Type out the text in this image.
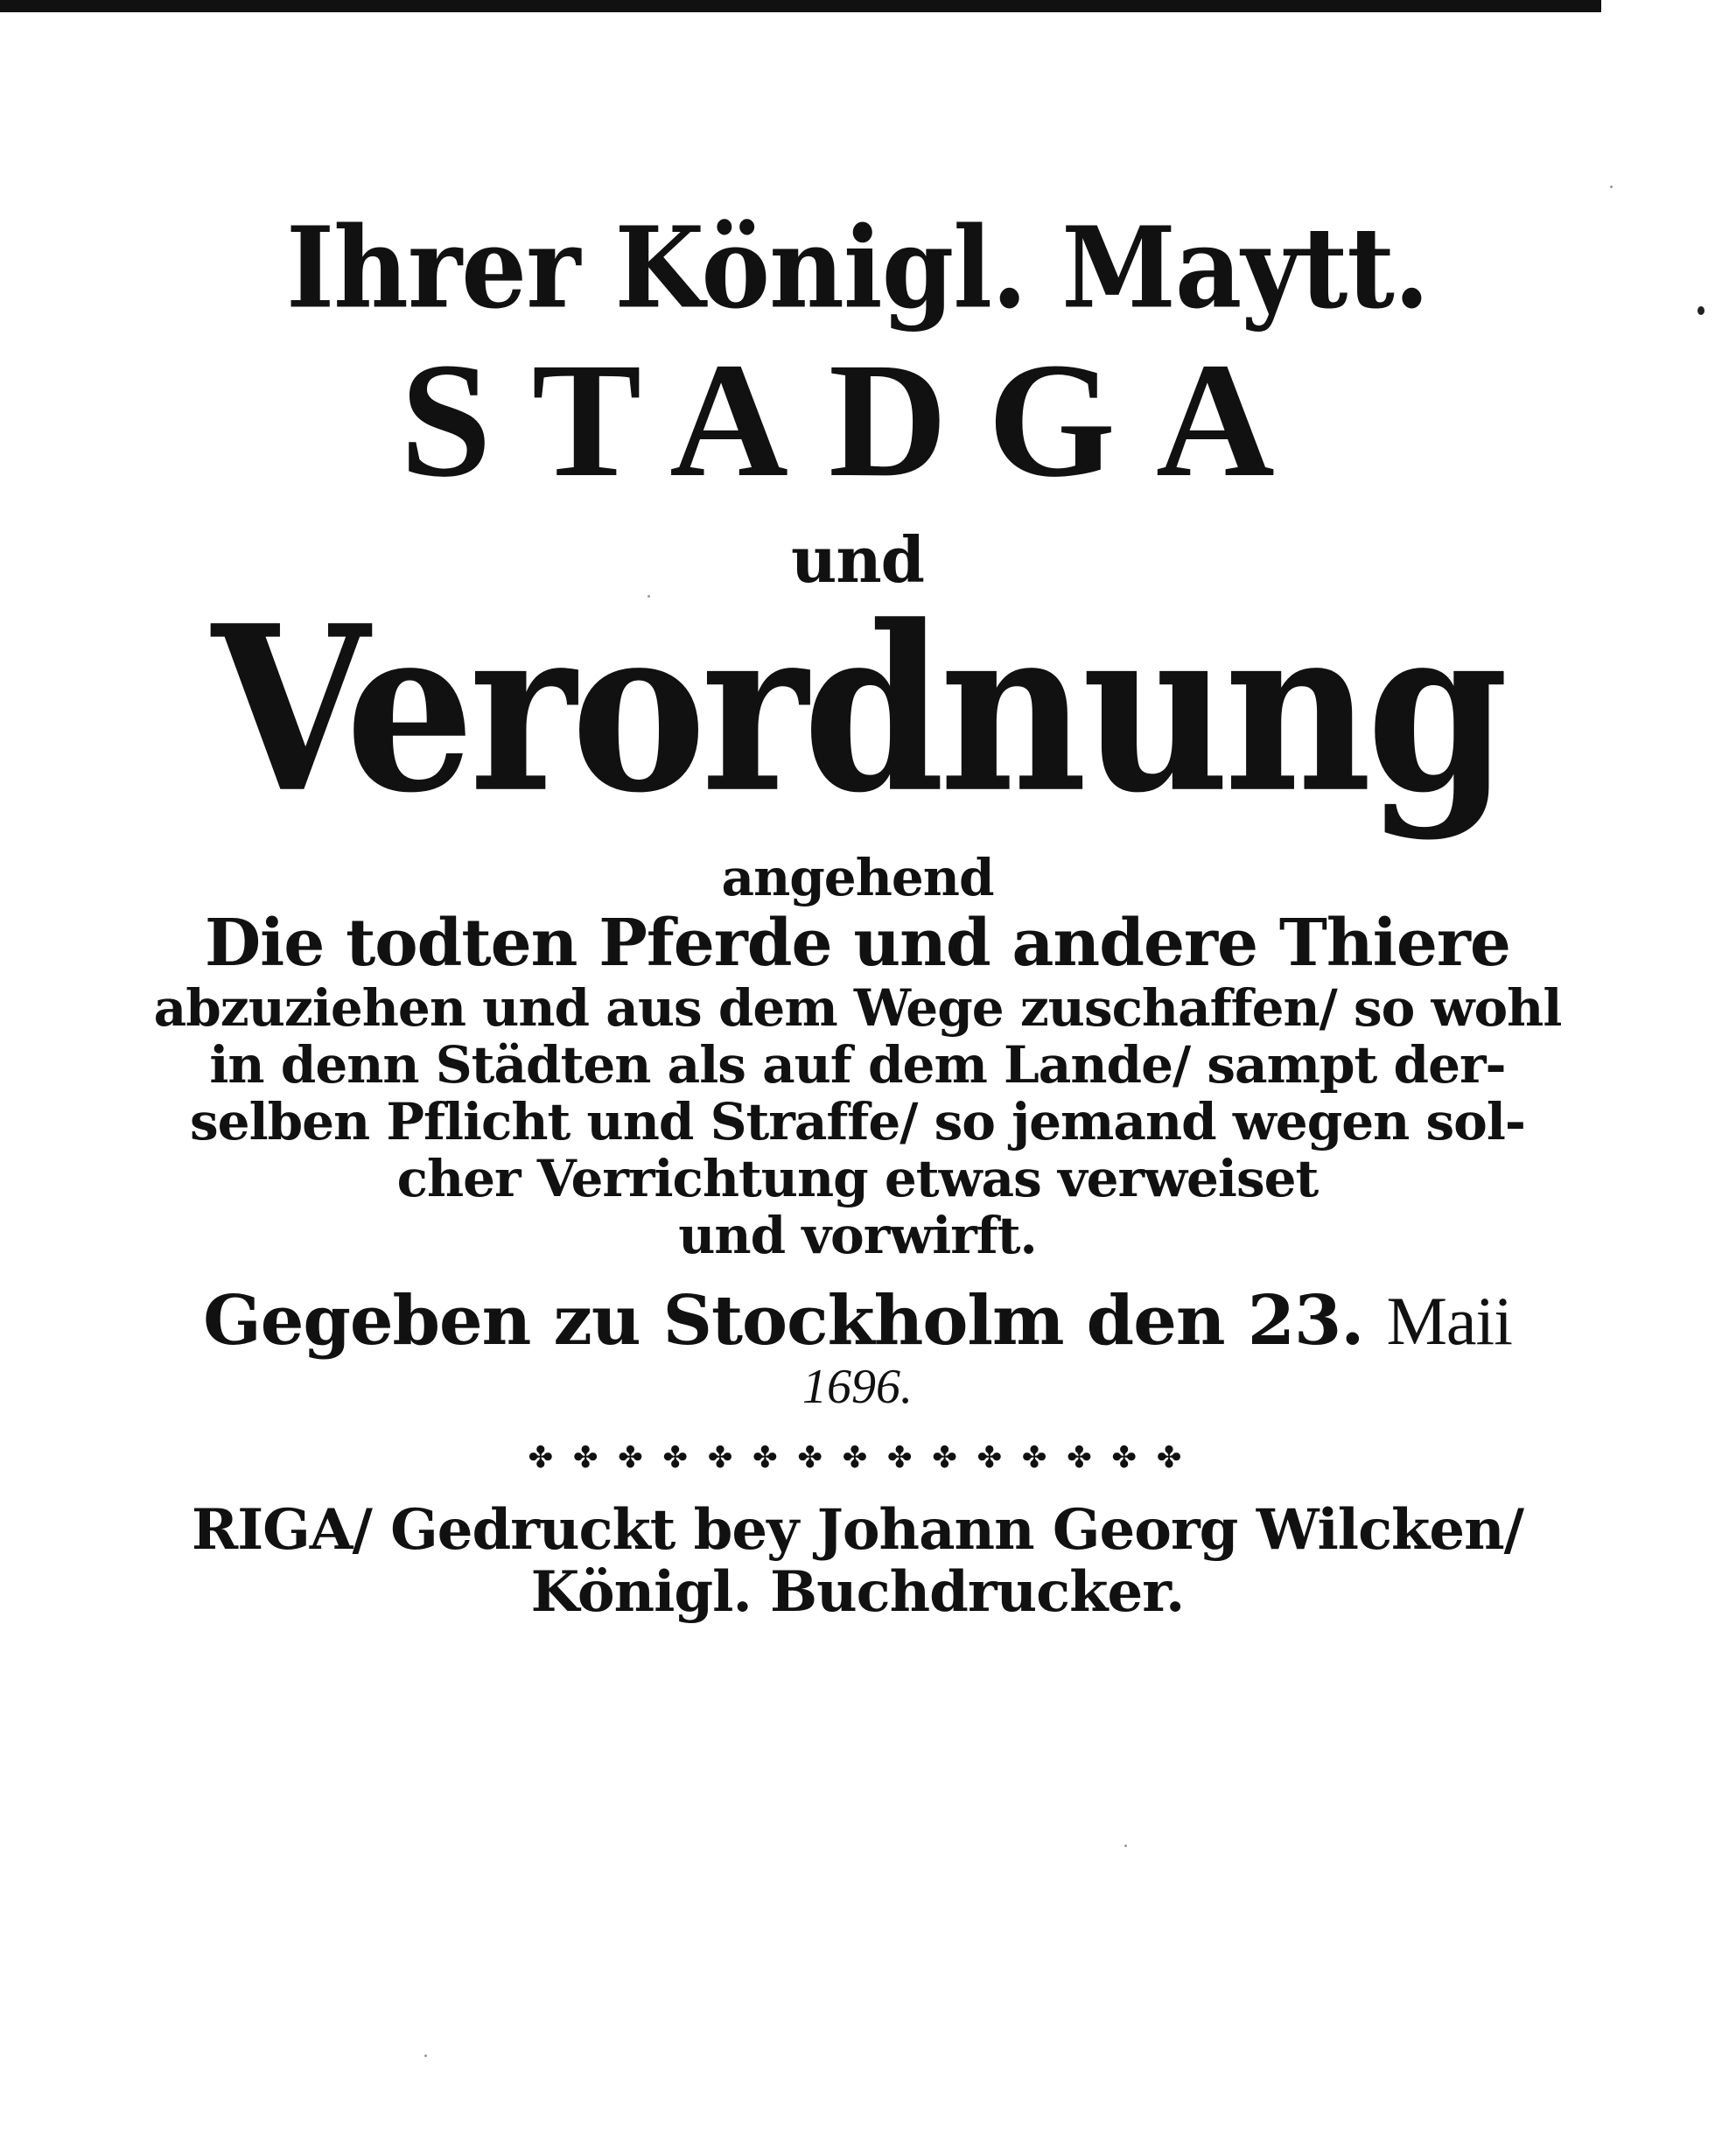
Ihrer Königl. Maytt.
STADGA
und
Verordnung
angehend
Die todten Pferde und andere Thiere
abzuziehen und aus dem Wege zuschaffen/ so wohl
in denn Städten als auf dem Lande/ sampt der-
selben Pflicht und Straffe/ so jemand wegen sol-
cher Verrichtung etwas verweiset
und vorwirft.
Gegeben zu Stockholm den 23. Maii
1696.
✤ ✤ ✤ ✤ ✤ ✤ ✤ ✤ ✤ ✤ ✤ ✤ ✤ ✤ ✤
RIGA/ Gedruckt bey Johann Georg Wilcken/
Königl. Buchdrucker.
